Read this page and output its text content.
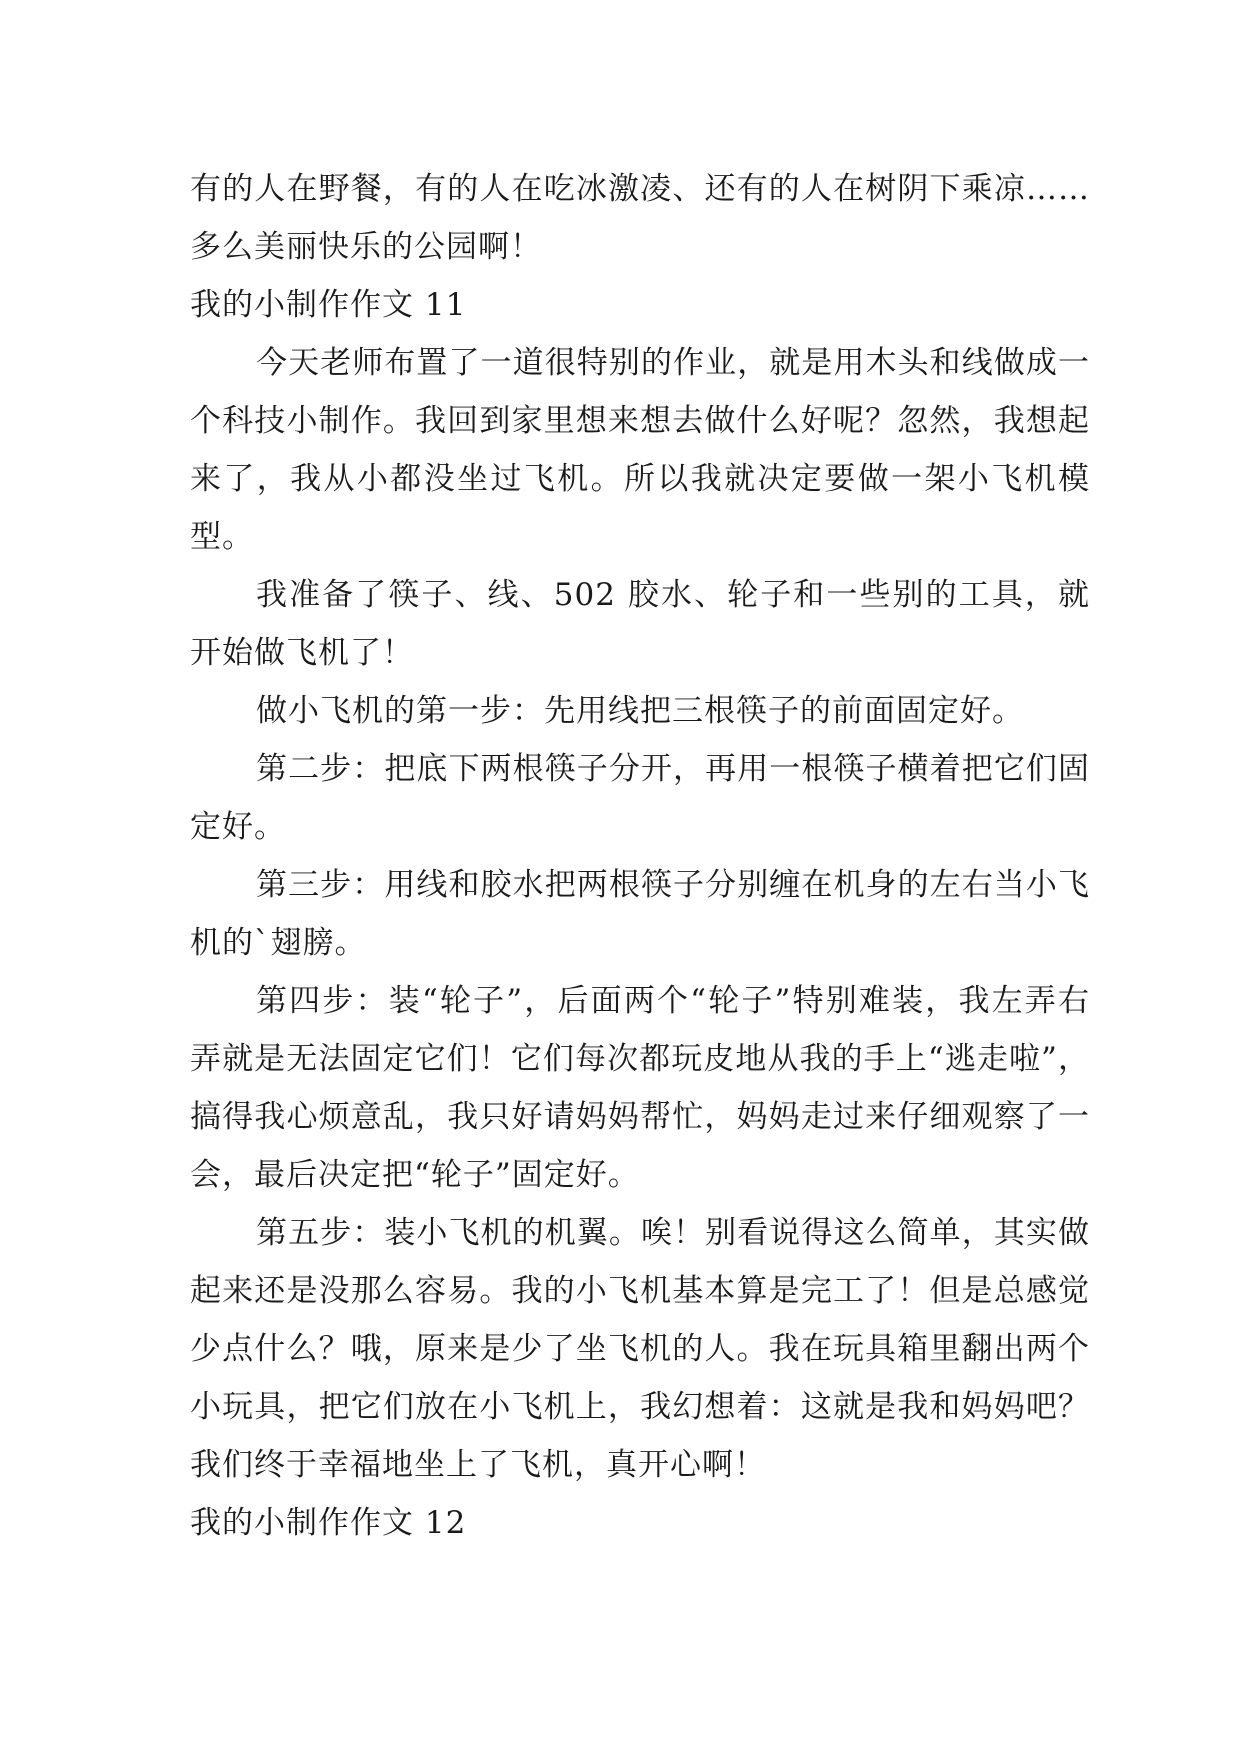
有的人在野餐，有的人在吃冰激凌、还有的人在树阴下乘凉……多么美丽快乐的公园啊！

我的小制作作文 11

今天老师布置了一道很特别的作业，就是用木头和线做成一个科技小制作。我回到家里想来想去做什么好呢？忽然，我想起来了，我从小都没坐过飞机。所以我就决定要做一架小飞机模型。

我准备了筷子、线、502 胶水、轮子和一些别的工具，就开始做飞机了！

做小飞机的第一步：先用线把三根筷子的前面固定好。

第二步：把底下两根筷子分开，再用一根筷子横着把它们固定好。

第三步：用线和胶水把两根筷子分别缠在机身的左右当小飞机的`翅膀。

第四步：装“轮子”，后面两个“轮子”特别难装，我左弄右弄就是无法固定它们！它们每次都玩皮地从我的手上“逃走啦”，搞得我心烦意乱，我只好请妈妈帮忙，妈妈走过来仔细观察了一会，最后决定把“轮子”固定好。

第五步：装小飞机的机翼。唉！别看说得这么简单，其实做起来还是没那么容易。我的小飞机基本算是完工了！但是总感觉少点什么？哦，原来是少了坐飞机的人。我在玩具箱里翻出两个小玩具，把它们放在小飞机上，我幻想着：这就是我和妈妈吧？我们终于幸福地坐上了飞机，真开心啊！

我的小制作作文 12
